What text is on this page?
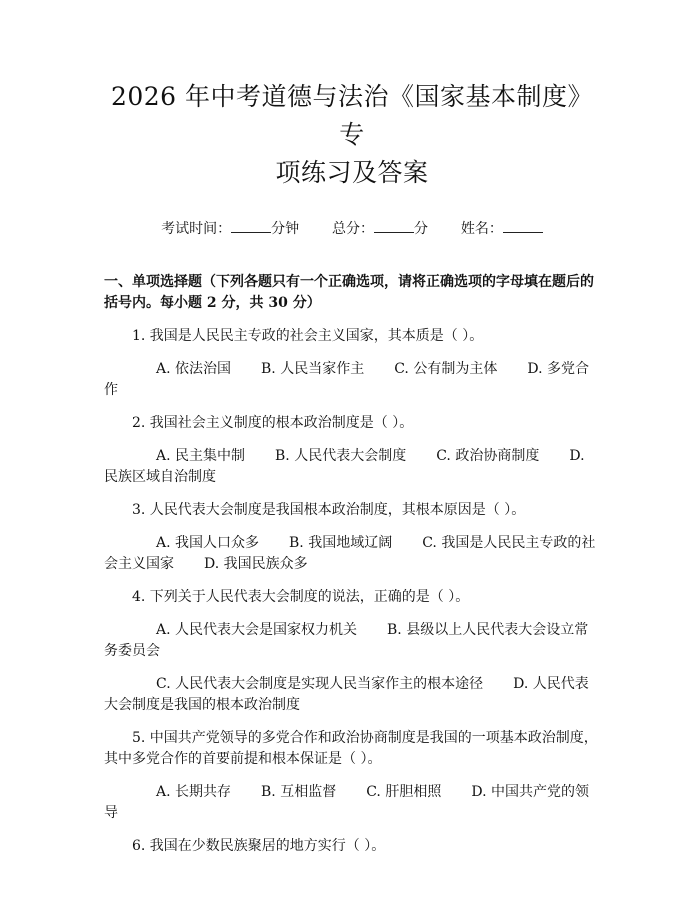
2026 年中考道德与法治《国家基本制度》专
项练习及答案
考试时间：	分钟 总分：	分 姓名：
一、单项选择题（下列各题只有一个正确选项，请将正确选项的字母填在题后的括号内。每小题 2 分，共 30 分）
1. 我国是人民民主专政的社会主义国家，其本质是（ ）。
A. 依法治国 B. 人民当家作主 C. 公有制为主体 D. 多党合作
2. 我国社会主义制度的根本政治制度是（ ）。
A. 民主集中制 B. 人民代表大会制度 C. 政治协商制度 D. 民族区域自治制度
3. 人民代表大会制度是我国根本政治制度，其根本原因是（ ）。
A. 我国人口众多 B. 我国地域辽阔 C. 我国是人民民主专政的社会主义国家 D. 我国民族众多
4. 下列关于人民代表大会制度的说法，正确的是（ ）。
A. 人民代表大会是国家权力机关 B. 县级以上人民代表大会设立常务委员会
C. 人民代表大会制度是实现人民当家作主的根本途径 D. 人民代表大会制度是我国的根本政治制度
5. 中国共产党领导的多党合作和政治协商制度是我国的一项基本政治制度，其中多党合作的首要前提和根本保证是（ ）。
A. 长期共存 B. 互相监督 C. 肝胆相照 D. 中国共产党的领导
6. 我国在少数民族聚居的地方实行（ ）。
